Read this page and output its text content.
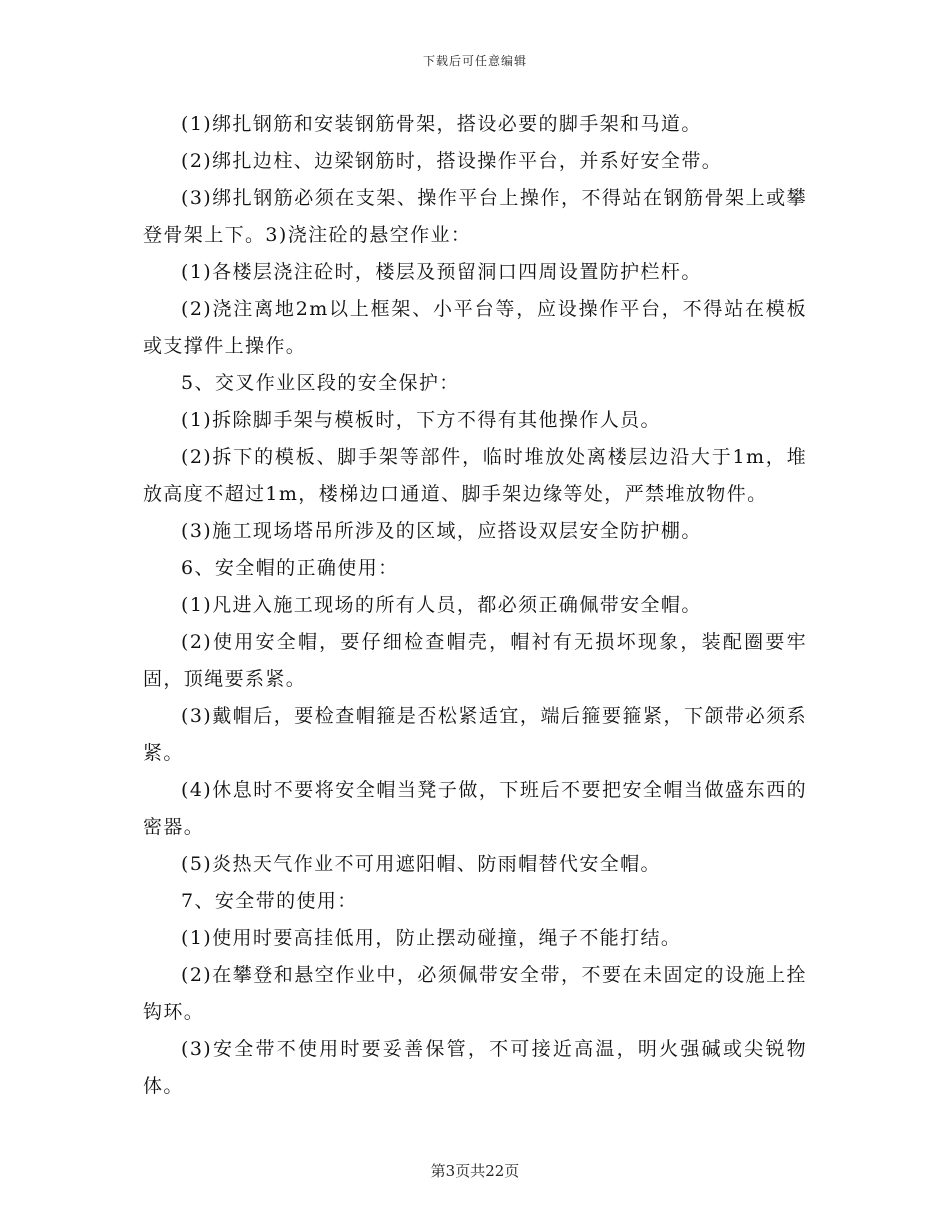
下载后可任意编辑

(1)绑扎钢筋和安装钢筋骨架，搭设必要的脚手架和马道。

(2)绑扎边柱、边梁钢筋时，搭设操作平台，并系好安全带。

(3)绑扎钢筋必须在支架、操作平台上操作，不得站在钢筋骨架上或攀登骨架上下。3)浇注砼的悬空作业：

(1)各楼层浇注砼时，楼层及预留洞口四周设置防护栏杆。

(2)浇注离地2m以上框架、小平台等，应设操作平台，不得站在模板或支撑件上操作。

5、交叉作业区段的安全保护：

(1)拆除脚手架与模板时，下方不得有其他操作人员。

(2)拆下的模板、脚手架等部件，临时堆放处离楼层边沿大于1m，堆放高度不超过1m，楼梯边口通道、脚手架边缘等处，严禁堆放物件。

(3)施工现场塔吊所涉及的区域，应搭设双层安全防护棚。

6、安全帽的正确使用：

(1)凡进入施工现场的所有人员，都必须正确佩带安全帽。

(2)使用安全帽，要仔细检查帽壳，帽衬有无损坏现象，装配圈要牢固，顶绳要系紧。

(3)戴帽后，要检查帽箍是否松紧适宜，端后箍要箍紧，下颌带必须系紧。

(4)休息时不要将安全帽当凳子做，下班后不要把安全帽当做盛东西的密器。

(5)炎热天气作业不可用遮阳帽、防雨帽替代安全帽。

7、安全带的使用：

(1)使用时要高挂低用，防止摆动碰撞，绳子不能打结。

(2)在攀登和悬空作业中，必须佩带安全带，不要在未固定的设施上拴钩环。

(3)安全带不使用时要妥善保管，不可接近高温，明火强碱或尖锐物体。

第3页共22页
